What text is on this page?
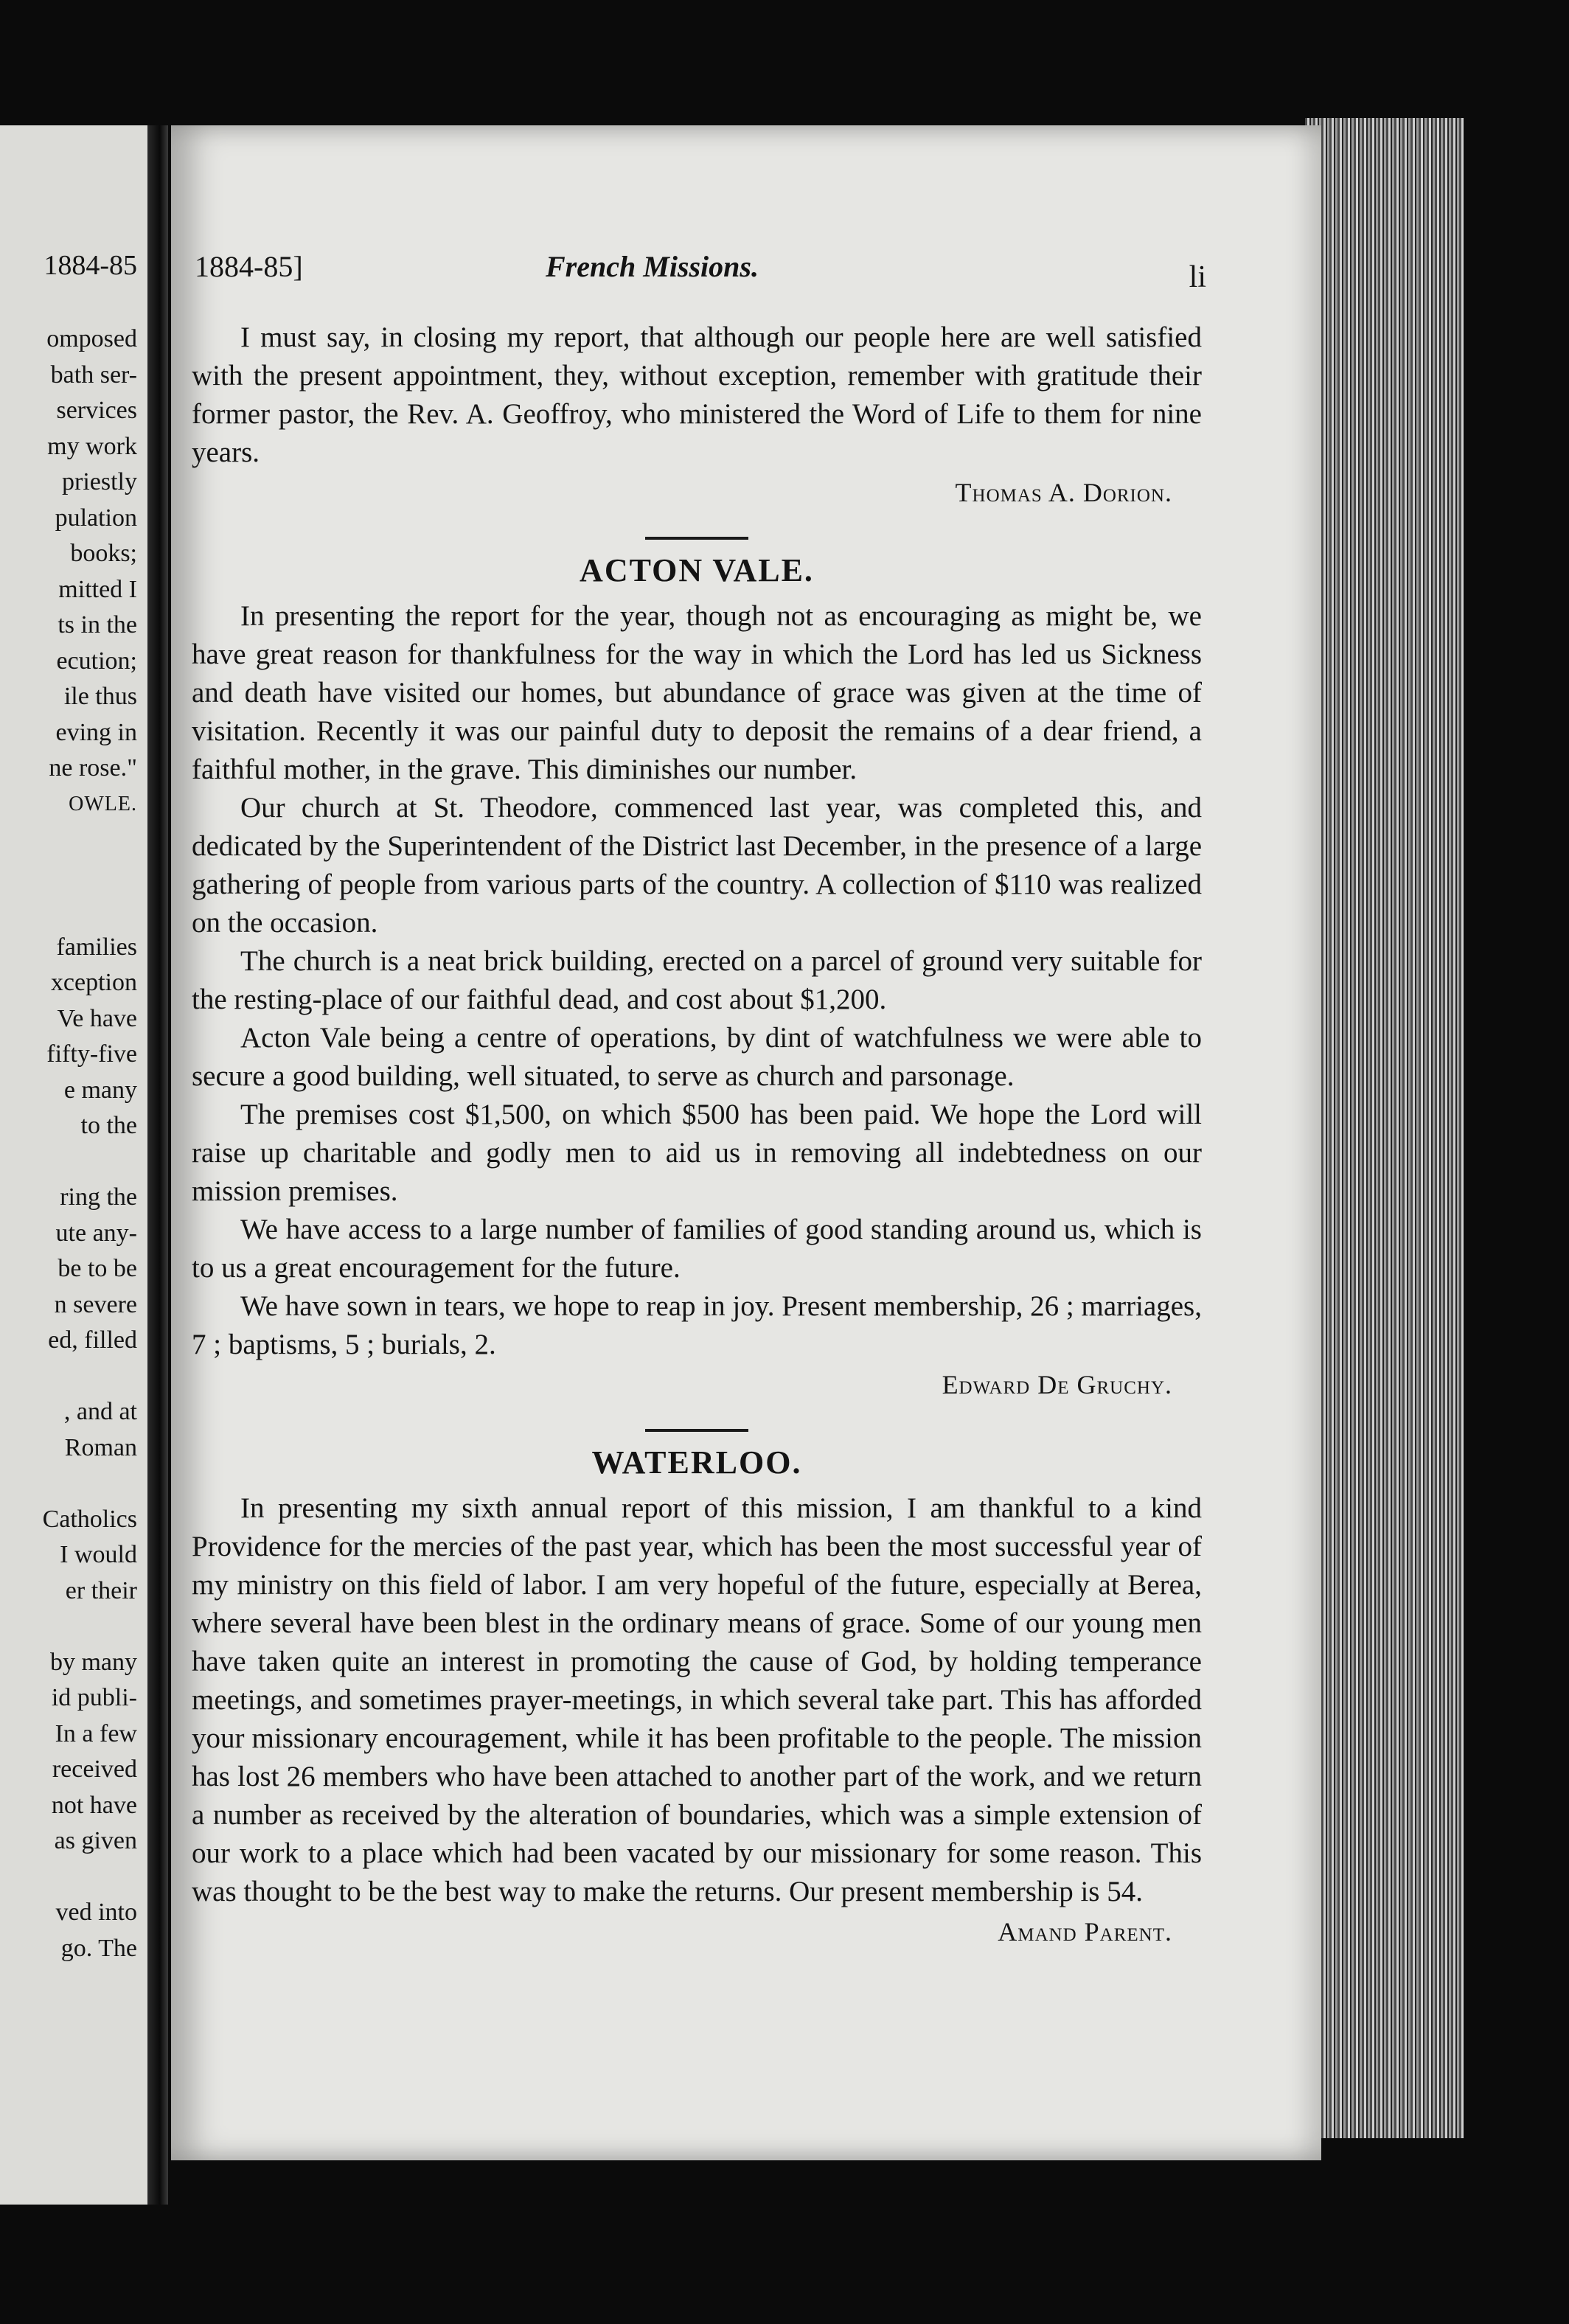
1884-85
omposed
bath ser-
services
my work
priestly
pulation
books;
mitted I
ts in the
ecution;
ile thus
eving in
ne rose."
OWLE.
families
xception
Ve have
fifty-five
e many
to the
ring the
ute any-
be to be
n severe
ed, filled
, and at
Roman
Catholics
I would
er their
by many
id publi-
In a few
received
not have
as given
ved into
go. The
1884-85]	French Missions.	li

I must say, in closing my report, that although our people here are well satisfied with the present appointment, they, without exception, remember with gratitude their former pastor, the Rev. A. Geoffroy, who ministered the Word of Life to them for nine years.

Thomas A. Dorion.

ACTON VALE.

In presenting the report for the year, though not as encouraging as might be, we have great reason for thankfulness for the way in which the Lord has led us Sickness and death have visited our homes, but abundance of grace was given at the time of visitation. Recently it was our painful duty to deposit the remains of a dear friend, a faithful mother, in the grave. This diminishes our number.

Our church at St. Theodore, commenced last year, was completed this, and dedicated by the Superintendent of the District last December, in the presence of a large gathering of people from various parts of the country. A collection of $110 was realized on the occasion.

The church is a neat brick building, erected on a parcel of ground very suitable for the resting-place of our faithful dead, and cost about $1,200.

Acton Vale being a centre of operations, by dint of watchfulness we were able to secure a good building, well situated, to serve as church and parsonage.

The premises cost $1,500, on which $500 has been paid. We hope the Lord will raise up charitable and godly men to aid us in removing all indebtedness on our mission premises.

We have access to a large number of families of good standing around us, which is to us a great encouragement for the future.

We have sown in tears, we hope to reap in joy. Present membership, 26 ; marriages, 7 ; baptisms, 5 ; burials, 2.

Edward De Gruchy.

WATERLOO.

In presenting my sixth annual report of this mission, I am thankful to a kind Providence for the mercies of the past year, which has been the most successful year of my ministry on this field of labor. I am very hopeful of the future, especially at Berea, where several have been blest in the ordinary means of grace. Some of our young men have taken quite an interest in promoting the cause of God, by holding temperance meetings, and sometimes prayer-meetings, in which several take part. This has afforded your missionary encouragement, while it has been profitable to the people. The mission has lost 26 members who have been attached to another part of the work, and we return a number as received by the alteration of boundaries, which was a simple extension of our work to a place which had been vacated by our missionary for some reason. This was thought to be the best way to make the returns. Our present membership is 54.

Amand Parent.
